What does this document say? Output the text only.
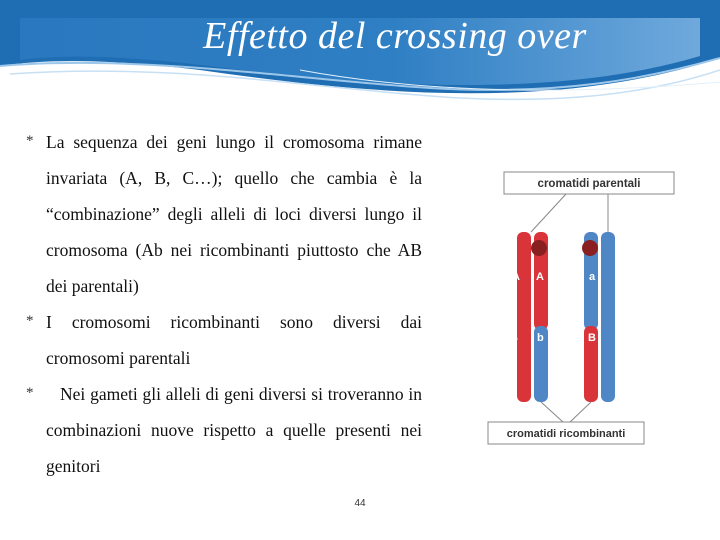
Effetto del crossing over
* La sequenza dei geni lungo il cromosoma rimane invariata (A, B, C…); quello che cambia è la “combinazione” degli alleli di loci diversi lungo il cromosoma (Ab nei ricombinanti piuttosto che AB dei parentali)
* I cromosomi ricombinanti sono diversi dai cromosomi parentali
*	Nei gameti gli alleli di geni diversi si troveranno in combinazioni nuove rispetto a quelle presenti nei genitori
cromatidi parentali
A A	a a
B b	B
b
cromatidi ricombinanti
44
